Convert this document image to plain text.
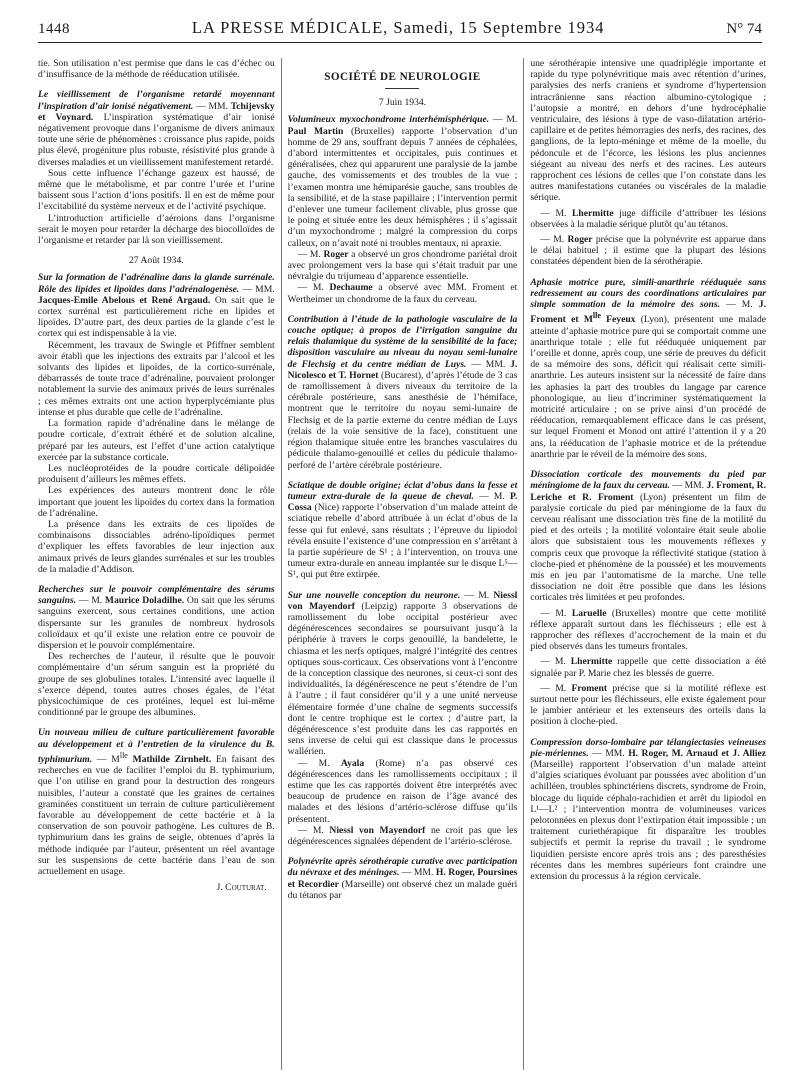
1448	LA PRESSE MÉDICALE, Samedi, 15 Septembre 1934	N° 74

tie. Son utilisation n’est permise que dans le cas d’échec ou d’insuffisance de la méthode de rééducation utilisée.

Le vieillissement de l’organisme retardé moyennant l’inspiration d’air ionisé négativement. — MM. Tchijevsky et Voynard. L’inspiration systématique d’air ionisé négativement provoque dans l’organisme de divers animaux toute une série de phénomènes : croissance plus rapide, poids plus élevé, progéniture plus robuste, résistivité plus grande à diverses maladies et un vieillissement manifestement retardé.

Sous cette influence l’échange gazeux est haussé, de même que le métabolisme, et par contre l’urée et l’urine baissent sous l’action d’ions positifs. Il en est de même pour l’excitabilité du système nerveux et de l’activité psychique.

L’introduction artificielle d’aéroions dans l’organisme serait le moyen pour retarder la décharge des biocolloïdes de l’organisme et retarder par là son vieillissement.

27 Août 1934.

Sur la formation de l’adrénaline dans la glande surrénale. Rôle des lipides et lipoïdes dans l’adrénalogenèse. — MM. Jacques-Emile Abelous et René Argaud. On sait que le cortex surrénal est particulièrement riche en lipides et lipoïdes. D’autre part, des deux parties de la glande c’est le cortex qui est indispensable à la vie.

Récemment, les travaux de Swingle et Pfiffner semblent avoir établi que les injections des extraits par l’alcool et les solvants des lipides et lipoïdes, de la cortico-surrénale, débarrassés de toute trace d’adrénaline, pouvaient prolonger notablement la survie des animaux privés de leurs surrénales ; ces mêmes extraits ont une action hyperplycémiante plus intense et plus durable que celle de l’adrénaline.

La formation rapide d’adrénaline dans le mélange de poudre corticale, d’extrait éthéré et de solution alcaline, préparé par les auteurs, est l’effet d’une action catalytique exercée par la substance corticale.

Les nucléoprotéides de la poudre corticale délipoïdée produisent d’ailleurs les mêmes effets.

Les expériences des auteurs montrent donc le rôle important que jouent les lipoïdes du cortex dans la formation de l’adrénaline.

La présence dans les extraits de ces lipoïdes de combinaisons dissociables adréno-lipoïdiques permet d’expliquer les effets favorables de leur injection aux animaux privés de leurs glandes surrénales et sur les troubles de la maladie d’Addison.

Recherches sur le pouvoir complémentaire des sérums sanguins. — M. Maurice Doladilhe. On sait que les sérums sanguins exercent, sous certaines conditions, une action dispersante sur les granules de nombreux hydrosols colloïdaux et qu’il existe une relation entre ce pouvoir de dispersion et le pouvoir complémentaire.

Des recherches de l’auteur, il résulte que le pouvoir complémentaire d’un sérum sanguin est la propriété du groupe de ses globulines totales. L’intensité avec laquelle il s’exerce dépend, toutes autres choses égales, de l’état physicochimique de ces protéines, lequel est lui-même conditionné par le groupe des albumines.

Un nouveau milieu de culture particulièrement favorable au développement et à l’entretien de la virulence du B. typhimurium. — $M^{lle}$ Mathilde Zirnhelt. En faisant des recherches en vue de faciliter l’emploi du B. typhimurium, que l’on utilise en grand pour la destruction des rongeurs nuisibles, l’auteur a constaté que les graines de certaines graminées constituent un terrain de culture particulièrement favorable au développement de cette bactérie et à la conservation de son pouvoir pathogène. Les cultures de B. typhimurium dans les grains de seigle, obtenues d’après la méthode indiquée par l’auteur, présentent un réel avantage sur les suspensions de cette bactérie dans l’eau de son actuellement en usage.

J. Couturat.

SOCIÉTÉ DE NEUROLOGIE

7 Juin 1934.

Volumineux myxochondrome interhémisphérique. — M. Paul Martin (Bruxelles) rapporte l’observation d’un homme de 29 ans, souffrant depuis 7 années de céphalées, d’abord intermittentes et occipitales, puis continues et généralisées, chez qui apparurent une paralysie de la jambe gauche, des vomissements et des troubles de la vue ; l’examen montra une hémiparésie gauche, sans troubles de la sensibilité, et de la stase papillaire ; l’intervention permit d’enlever une tumeur facilement clivable, plus grosse que le poing et située entre les deux hémisphères ; il s’agissait d’un myxochondrome ; malgré la compression du corps calleux, on n’avait noté ni troubles mentaux, ni apraxie.

— M. Roger a observé un gros chondrome pariétal droit avec prolongement vers la base qui s’était traduit par une névralgie du trijumeau d’apparence essentielle.

— M. Dechaume a observé avec MM. Froment et Wertheimer un chondrome de la faux du cerveau.

Contribution à l’étude de la pathologie vasculaire de la couche optique; à propos de l’irrigation sanguine du relais thalamique du système de la sensibilité de la face; disposition vasculaire au niveau du noyau semi-lunaire de Flechsig et du centre médian de Luys. — MM. J. Nicolesco et T. Hornet (Bucarest), d’après l’étude de 3 cas de ramollissement à divers niveaux du territoire de la cérébrale postérieure, sans anesthésie de l’hémiface, montrent que le territoire du noyau semi-lunaire de Flechsig et de la partie externe du centre médian de Luys (relais de la voie sensitive de la face), constituent une région thalamique située entre les branches vasculaires du pédicule thalamo-genouillé et celles du pédicule thalamo-perforé de l’artère cérébrale postérieure.

Sciatique de double origine; éclat d’obus dans la fesse et tumeur extra-durale de la queue de cheval. — M. P. Cossa (Nice) rapporte l’observation d’un malade atteint de sciatique rebelle d’abord attribuée à un éclat d’obus de la fesse qui fut enlevé, sans résultats ; l’épreuve du lipiodol révéla ensuite l’existence d’une compression en s’arrêtant à la partie supérieure de S¹ ; à l’intervention, on trouva une tumeur extra-durale en anneau implantée sur le disque L⁵—S¹, qui put être extirpée.

Sur une nouvelle conception du neurone. — M. Niessl von Mayendorf (Leipzig) rapporte 3 observations de ramollissement du lobe occipital postérieur avec dégénérescences secondaires se poursuivant jusqu’à la périphérie à travers le corps genouillé, la bandelette, le chiasma et les nerfs optiques, malgré l’intégrité des centres optiques sous-corticaux. Ces observations vont à l’encontre de la conception classique des neurones, si ceux-ci sont des individualités, la dégénérescence ne peut s’étendre de l’un à l’autre ; il faut considérer qu’il y a une unité nerveuse élémentaire formée d’une chaîne de segments successifs dont le centre trophique est le cortex ; d’autre part, la dégénérescence s’est produite dans les cas rapportés en sens inverse de celui qui est classique dans le processus wallérien.

— M. Ayala (Rome) n’a pas observé ces dégénérescences dans les ramollissements occipitaux ; il estime que les cas rapportés doivent être interprétés avec beaucoup de prudence en raison de l’âge avancé des malades et des lésions d’artério-sclérose diffuse qu’ils présentent.

— M. Niessl von Mayendorf ne croit pas que les dégénérescences signalées dépendent de l’artério-sclérose.

Polynévrite après sérothérapie curative avec participation du névraxe et des méninges. — MM. H. Roger, Poursines et Recordier (Marseille) ont observé chez un malade guéri du tétanos par

une sérothérapie intensive une quadriplégie importante et rapide du type polynévritique mais avec rétention d’urines, paralysies des nerfs craniens et syndrome d’hypertension intracrânienne sans réaction albumino-cytologique ; l’autopsie a montré, en dehors d’une hydrocéphalie ventriculaire, des lésions à type de vaso-dilatation artério- capillaire et de petites hémorragies des nerfs, des racines, des ganglions, de la lepto-méninge et même de la moelle, du pédoncule et de l’écorce, les lésions les plus anciennes siégeant au niveau des nerfs et des racines. Les auteurs rapprochent ces lésions de celles que l’on constate dans les autres manifestations cutanées ou viscérales de la maladie sérique.

— M. Lhermitte juge difficile d’attribuer les lésions observées à la maladie sérique plutôt qu’au tétanos.

— M. Roger précise que la polynévrite est apparue dans le délai habituel ; il estime que la plupart des lésions constatées dépendent bien de la sérothérapie.

Aphasie motrice pure, simili-anarthrie rééduquée sans redressement au cours des coordinations articulaires par simple sommation de la mémoire des sons. — M. J. Froment et $M^{lle}$ Feyeux (Lyon), présentent une malade atteinte d’aphasie motrice pure qui se comportait comme une anarthrique totale ; elle fut rééduquée uniquement par l’oreille et donne, après coup, une série de preuves du déficit de sa mémoire des sons, déficit qui réalisait cette simili-anarthrie. Les auteurs insistent sur la nécessité de faire dans les aphasies la part des troubles du langage par carence phonologique, au lieu d’incriminer systématiquement la motricité articulaire ; on se prive ainsi d’un procédé de rééducation, remarquablement efficace dans le cas présent, sur lequel Froment et Monod ont attiré l’attention il y a 20 ans, la rééducation de l’aphasie motrice et de la prétendue anarthrie par le réveil de la mémoire des sons.

Dissociation corticale des mouvements du pied par méningiome de la faux du cerveau. — MM. J. Froment, R. Leriche et R. Froment (Lyon) présentent un film de paralysie corticale du pied par méningiome de la faux du cerveau réalisant une dissociation très fine de la motilité du pied et des orteils ; la motilité volontaire était seule abolie alors que subsistaient tous les mouvements réflexes y compris ceux que provoque la réflectivité statique (station à cloche-pied et phénomène de la poussée) et les mouvements mis en jeu par l’automatisme de la marche. Une telle dissociation ne doit être possible que dans les lésions corticales très limitées et peu profondes.

— M. Laruelle (Bruxelles) montre que cette motilité réflexe apparaît surtout dans les fléchisseurs ; elle est à rapprocher des réflexes d’accrochement de la main et du pied observés dans les tumeurs frontales.

— M. Lhermitte rappelle que cette dissociation a été signalée par P. Marie chez les blessés de guerre.

— M. Froment précise que si la motilité réflexe est surtout nette pour les fléchisseurs, elle existe également pour le jambier antérieur et les extenseurs des orteils dans la position à cloche-pied.

Compression dorso-lombaire par télangiectasies veineuses pie-mériennes. — MM. H. Roger, M. Arnaud et J. Alliez (Marseille) rapportent l’observation d’un malade atteint d’algies sciatiques évoluant par poussées avec abolition d’un achilléen, troubles sphinctériens discrets, syndrome de Froin, blocage du liquide céphalo-rachidien et arrêt du lipiodol en L¹—L² ; l’intervention montra de volumineuses varices pelotonnées en plexus dont l’extirpation était impossible ; un traitement curiethérapique fit disparaître les troubles subjectifs et permit la reprise du travail ; le syndrome liquidien persiste encore après trois ans ; des paresthésies récentes dans les membres supérieurs font craindre une extension du processus à la région cervicale.
